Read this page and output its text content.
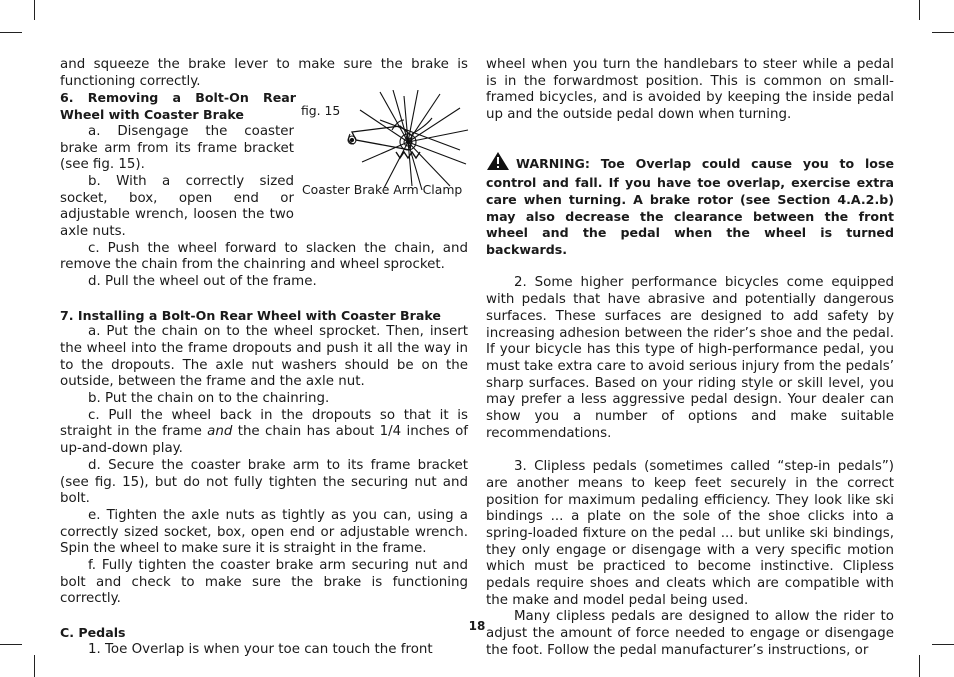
and squeeze the brake lever to make sure the brake is functioning correctly.

6. Removing a Bolt-On Rear Wheel with Coaster Brake

a. Disengage the coaster brake arm from its frame bracket (see fig. 15).

b. With a correctly sized socket, box, open end or adjustable wrench, loosen the two axle nuts.

c. Push the wheel forward to slacken the chain, and remove the chain from the chainring and wheel sprocket.

d. Pull the wheel out of the frame.

7. Installing a Bolt-On Rear Wheel with Coaster Brake

a. Put the chain on to the wheel sprocket. Then, insert the wheel into the frame dropouts and push it all the way in to the dropouts. The axle nut washers should be on the outside, between the frame and the axle nut.

b. Put the chain on to the chainring.

c. Pull the wheel back in the dropouts so that it is straight in the frame and the chain has about 1/4 inches of up-and-down play.

d. Secure the coaster brake arm to its frame bracket (see fig. 15), but do not fully tighten the securing nut and bolt.

e. Tighten the axle nuts as tightly as you can, using a correctly sized socket, box, open end or adjustable wrench. Spin the wheel to make sure it is straight in the frame.

f. Fully tighten the coaster brake arm securing nut and bolt and check to make sure the brake is functioning correctly.

C. Pedals

1. Toe Overlap is when your toe can touch the front

fig. 15
Coaster Brake Arm Clamp

wheel when you turn the handlebars to steer while a pedal is in the forwardmost position. This is common on small-framed bicycles, and is avoided by keeping the inside pedal up and the outside pedal down when turning.

WARNING: Toe Overlap could cause you to lose control and fall. If you have toe overlap, exercise extra care when turning. A brake rotor (see Section 4.A.2.b) may also decrease the clearance between the front wheel and the pedal when the wheel is turned backwards.

2. Some higher performance bicycles come equipped with pedals that have abrasive and potentially dangerous surfaces. These surfaces are designed to add safety by increasing adhesion between the rider’s shoe and the pedal. If your bicycle has this type of high-performance pedal, you must take extra care to avoid serious injury from the pedals’ sharp surfaces. Based on your riding style or skill level, you may prefer a less aggressive pedal design. Your dealer can show you a number of options and make suitable recommendations.

3. Clipless pedals (sometimes called “step-in pedals”) are another means to keep feet securely in the correct position for maximum pedaling efficiency. They look like ski bindings ... a plate on the sole of the shoe clicks into a spring-loaded fixture on the pedal ... but unlike ski bindings, they only engage or disengage with a very specific motion which must be practiced to become instinctive. Clipless pedals require shoes and cleats which are compatible with the make and model pedal being used.

Many clipless pedals are designed to allow the rider to adjust the amount of force needed to engage or disengage the foot. Follow the pedal manufacturer’s instructions, or

18
